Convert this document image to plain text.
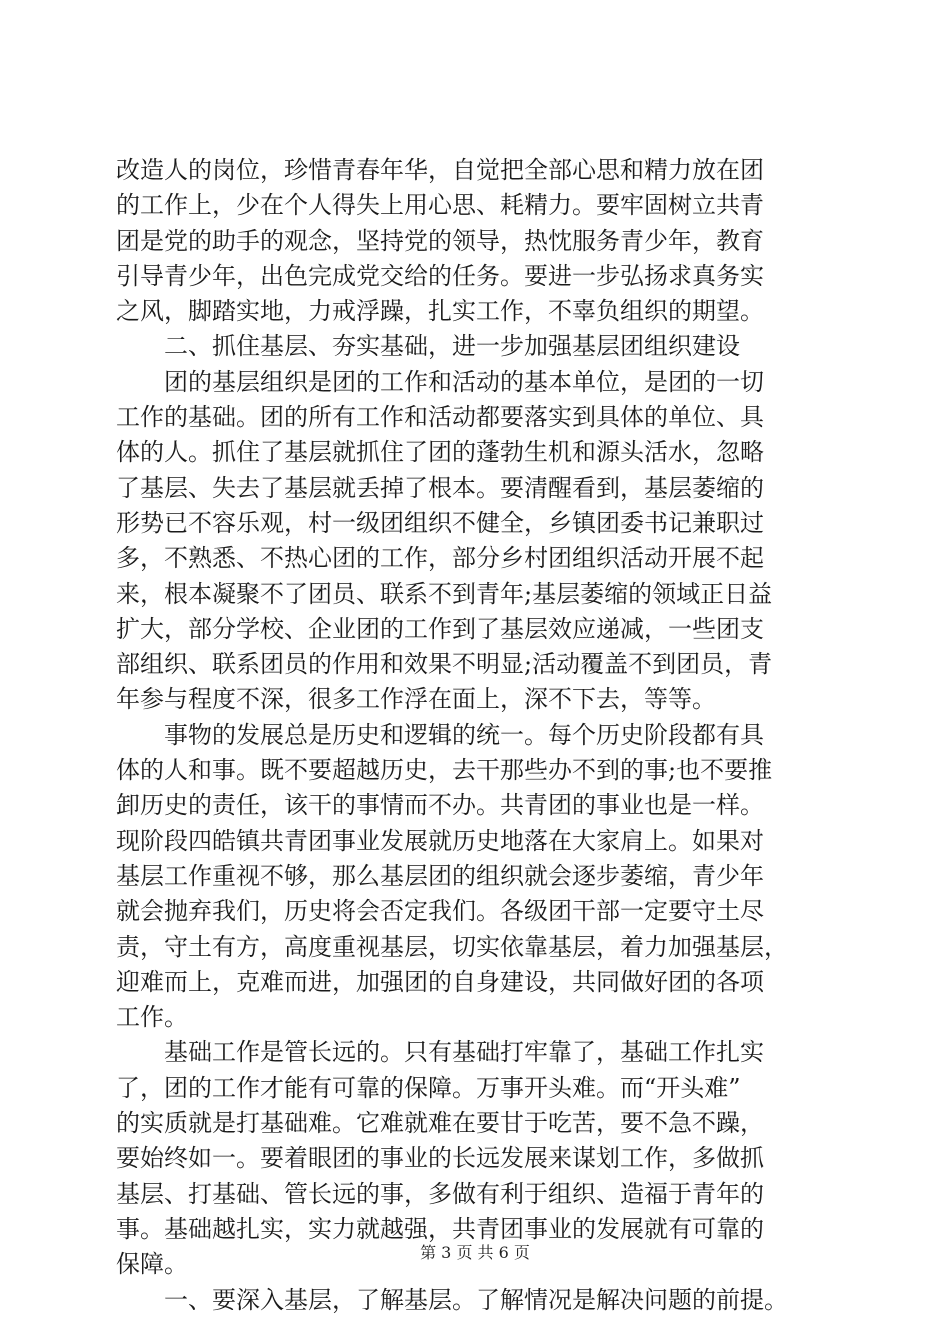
改造人的岗位，珍惜青春年华，自觉把全部心思和精力放在团
的工作上，少在个人得失上用心思、耗精力。要牢固树立共青
团是党的助手的观念，坚持党的领导，热忱服务青少年，教育
引导青少年，出色完成党交给的任务。要进一步弘扬求真务实
之风，脚踏实地，力戒浮躁，扎实工作，不辜负组织的期望。
二、抓住基层、夯实基础，进一步加强基层团组织建设
团的基层组织是团的工作和活动的基本单位，是团的一切
工作的基础。团的所有工作和活动都要落实到具体的单位、具
体的人。抓住了基层就抓住了团的蓬勃生机和源头活水，忽略
了基层、失去了基层就丢掉了根本。要清醒看到，基层萎缩的
形势已不容乐观，村一级团组织不健全，乡镇团委书记兼职过
多，不熟悉、不热心团的工作，部分乡村团组织活动开展不起
来，根本凝聚不了团员、联系不到青年;基层萎缩的领域正日益
扩大，部分学校、企业团的工作到了基层效应递减，一些团支
部组织、联系团员的作用和效果不明显;活动覆盖不到团员，青
年参与程度不深，很多工作浮在面上，深不下去，等等。
事物的发展总是历史和逻辑的统一。每个历史阶段都有具
体的人和事。既不要超越历史，去干那些办不到的事;也不要推
卸历史的责任，该干的事情而不办。共青团的事业也是一样。
现阶段四皓镇共青团事业发展就历史地落在大家肩上。如果对
基层工作重视不够，那么基层团的组织就会逐步萎缩，青少年
就会抛弃我们，历史将会否定我们。各级团干部一定要守土尽
责，守土有方，高度重视基层，切实依靠基层，着力加强基层，
迎难而上，克难而进，加强团的自身建设，共同做好团的各项
工作。
基础工作是管长远的。只有基础打牢靠了，基础工作扎实
了，团的工作才能有可靠的保障。万事开头难。而“开头难”
的实质就是打基础难。它难就难在要甘于吃苦，要不急不躁，
要始终如一。要着眼团的事业的长远发展来谋划工作，多做抓
基层、打基础、管长远的事，多做有利于组织、造福于青年的
事。基础越扎实，实力就越强，共青团事业的发展就有可靠的
保障。
一、要深入基层，了解基层。了解情况是解决问题的前提。
第 3 页 共 6 页
